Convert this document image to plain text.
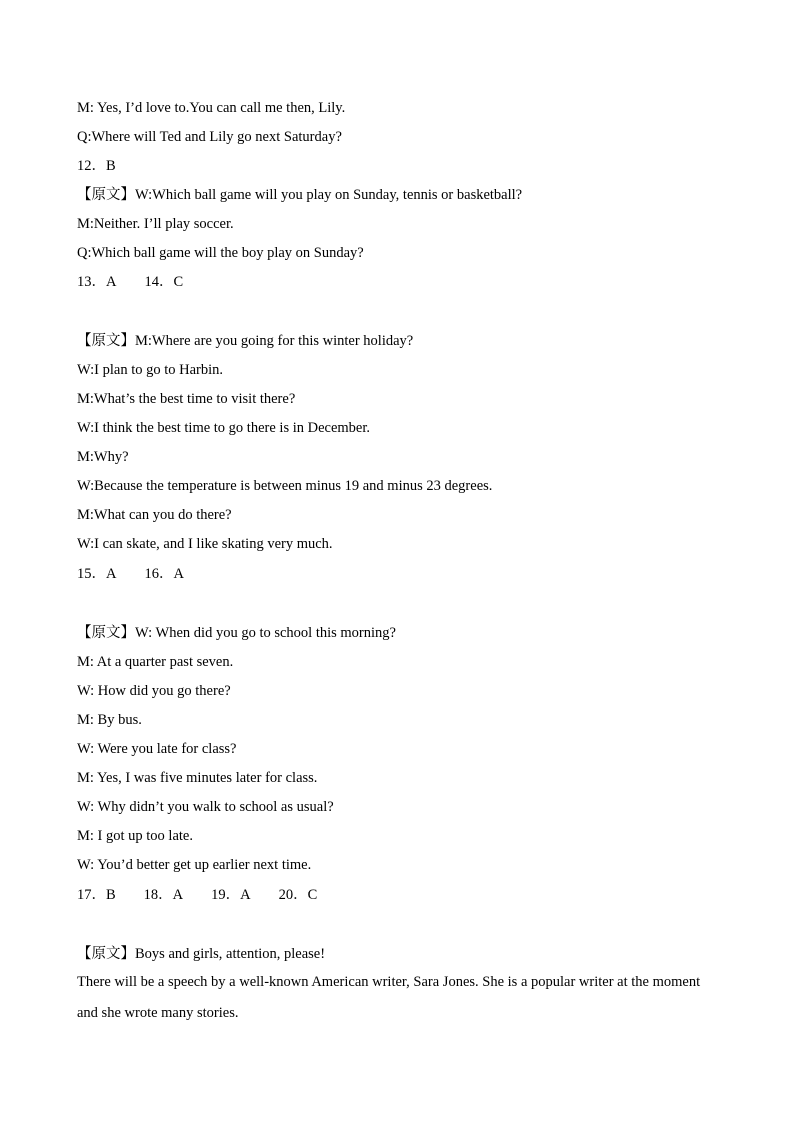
M: Yes, I’d love to.You can call me then, Lily.
Q:Where will Ted and Lily go next Saturday?
12．B
【原文】W:Which ball game will you play on Sunday, tennis or basketball?
M:Neither. I’ll play soccer.
Q:Which ball game will the boy play on Sunday?
13．A 14．C
【原文】M:Where are you going for this winter holiday?
W:I plan to go to Harbin.
M:What’s the best time to visit there?
W:I think the best time to go there is in December.
M:Why?
W:Because the temperature is between minus 19 and minus 23 degrees.
M:What can you do there?
W:I can skate, and I like skating very much.
15．A 16．A
【原文】W: When did you go to school this morning?
M: At a quarter past seven.
W: How did you go there?
M: By bus.
W: Were you late for class?
M: Yes, I was five minutes later for class.
W: Why didn’t you walk to school as usual?
M: I got up too late.
W: You’d better get up earlier next time.
17．B 18．A 19．A 20．C
【原文】Boys and girls, attention, please!
There will be a speech by a well-known American writer, Sara Jones. She is a popular writer at the moment and she wrote many stories.
